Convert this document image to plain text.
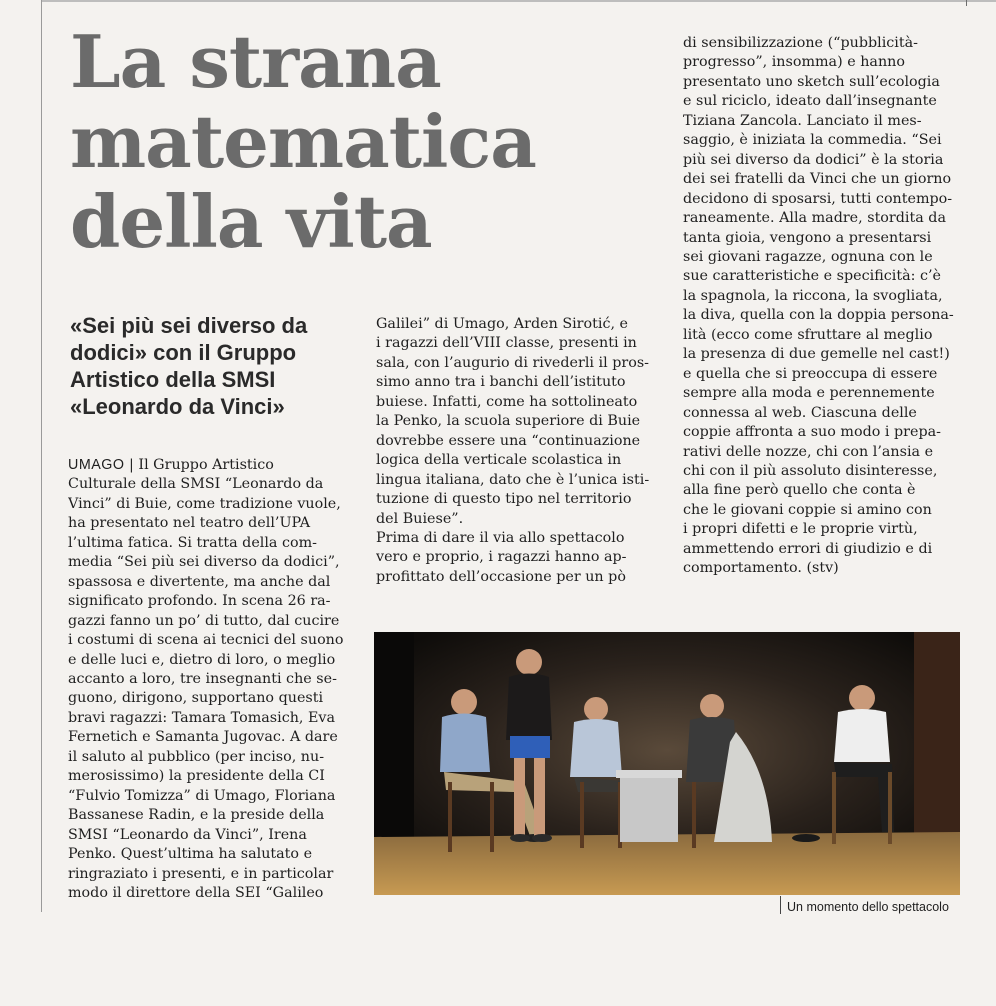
La strana
matematica
della vita
«Sei più sei diverso da
dodici» con il Gruppo
Artistico della SMSI
«Leonardo da Vinci»
UMAGO | Il Gruppo Artistico
Culturale della SMSI “Leonardo da
Vinci” di Buie, come tradizione vuole,
ha presentato nel teatro dell’UPA
l’ultima fatica. Si tratta della com-
media “Sei più sei diverso da dodici”,
spassosa e divertente, ma anche dal
significato profondo. In scena 26 ra-
gazzi fanno un po’ di tutto, dal cucire
i costumi di scena ai tecnici del suono
e delle luci e, dietro di loro, o meglio
accanto a loro, tre insegnanti che se-
guono, dirigono, supportano questi
bravi ragazzi: Tamara Tomasich, Eva
Fernetich e Samanta Jugovac. A dare
il saluto al pubblico (per inciso, nu-
merosissimo) la presidente della CI
“Fulvio Tomizza” di Umago, Floriana
Bassanese Radin, e la preside della
SMSI “Leonardo da Vinci”, Irena
Penko. Quest’ultima ha salutato e
ringraziato i presenti, e in particolar
modo il direttore della SEI “Galileo
Galilei” di Umago, Arden Sirotić, e
i ragazzi dell’VIII classe, presenti in
sala, con l’augurio di rivederli il pros-
simo anno tra i banchi dell’istituto
buiese. Infatti, come ha sottolineato
la Penko, la scuola superiore di Buie
dovrebbe essere una “continuazione
logica della verticale scolastica in
lingua italiana, dato che è l’unica isti-
tuzione di questo tipo nel territorio
del Buiese”.
Prima di dare il via allo spettacolo
vero e proprio, i ragazzi hanno ap-
profittato dell’occasione per un pò
di sensibilizzazione (“pubblicità-
progresso”, insomma) e hanno
presentato uno sketch sull’ecologia
e sul riciclo, ideato dall’insegnante
Tiziana Zancola. Lanciato il mes-
saggio, è iniziata la commedia. “Sei
più sei diverso da dodici” è la storia
dei sei fratelli da Vinci che un giorno
decidono di sposarsi, tutti contempo-
raneamente. Alla madre, stordita da
tanta gioia, vengono a presentarsi
sei giovani ragazze, ognuna con le
sue caratteristiche e specificità: c’è
la spagnola, la riccona, la svogliata,
la diva, quella con la doppia persona-
lità (ecco come sfruttare al meglio
la presenza di due gemelle nel cast!)
e quella che si preoccupa di essere
sempre alla moda e perennemente
connessa al web. Ciascuna delle
coppie affronta a suo modo i prepa-
rativi delle nozze, chi con l’ansia e
chi con il più assoluto disinteresse,
alla fine però quello che conta è
che le giovani coppie si amino con
i propri difetti e le proprie virtù,
ammettendo errori di giudizio e di
comportamento. (stv)

Un momento dello spettacolo
